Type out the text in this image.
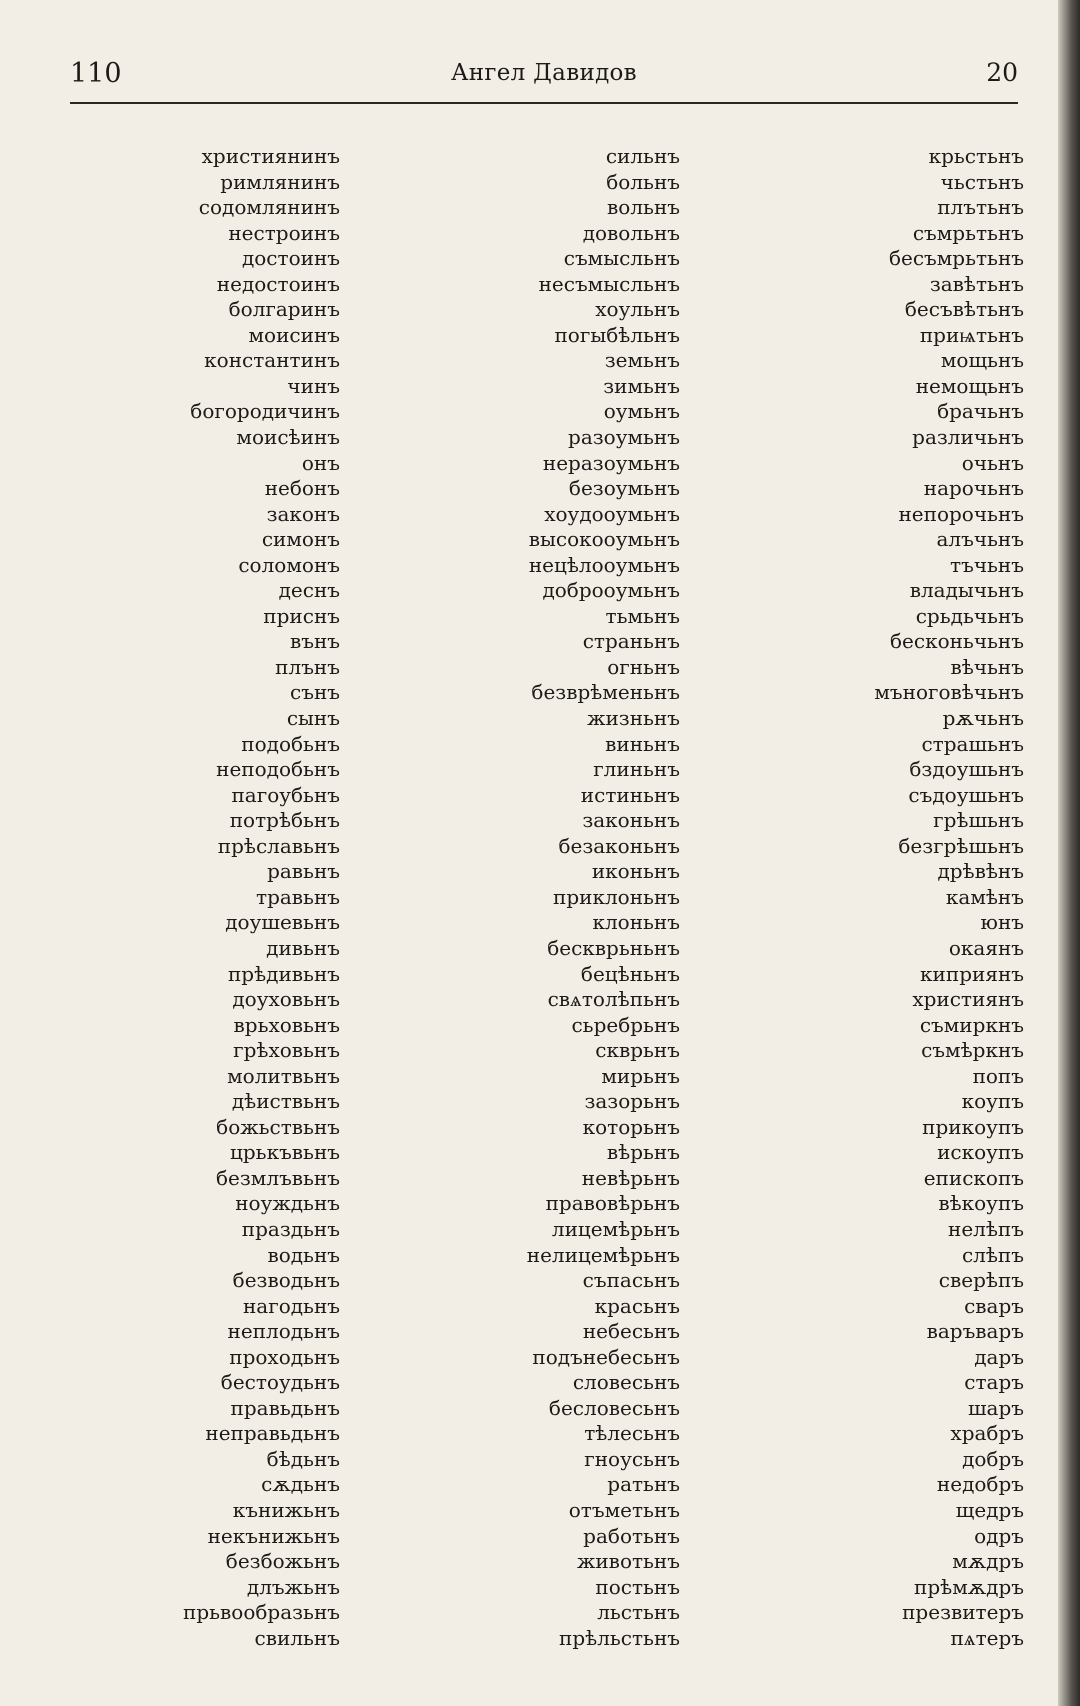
110	Ангел Давидов	20
християнинъ
римлянинъ
содомлянинъ
нестроинъ
достоинъ
недостоинъ
болгаринъ
моисинъ
константинъ
чинъ
богородичинъ
моисѣинъ
онъ
небонъ
законъ
симонъ
соломонъ
деснъ
приснъ
вънъ
плънъ
сънъ
сынъ
подобьнъ
неподобьнъ
пагоубьнъ
потрѣбьнъ
прѣславьнъ
равьнъ
травьнъ
доушевьнъ
дивьнъ
прѣдивьнъ
доуховьнъ
врьховьнъ
грѣховьнъ
молитвьнъ
дѣиствьнъ
божьствьнъ
црькъвьнъ
безмлъвьнъ
ноуждьнъ
праздьнъ
водьнъ
безводьнъ
нагодьнъ
неплодьнъ
проходьнъ
бестоудьнъ
правьдьнъ
неправьдьнъ
бѣдьнъ
сѫдьнъ
кънижьнъ
некънижьнъ
безбожьнъ
длъжьнъ
прьвообразьнъ
свильнъ
сильнъ
больнъ
вольнъ
довольнъ
съмысльнъ
несъмысльнъ
хоульнъ
погыбѣльнъ
земьнъ
зимьнъ
оумьнъ
разоумьнъ
неразоумьнъ
безоумьнъ
хоудооумьнъ
высокооумьнъ
нецѣлооумьнъ
доброоумьнъ
тьмьнъ
страньнъ
огньнъ
безврѣменьнъ
жизньнъ
виньнъ
глиньнъ
истиньнъ
законьнъ
безаконьнъ
иконьнъ
приклоньнъ
клоньнъ
бескврьньнъ
бецѣньнъ
свѧтолѣпьнъ
сьребрьнъ
скврьнъ
мирьнъ
зазорьнъ
которьнъ
вѣрьнъ
невѣрьнъ
правовѣрьнъ
лицемѣрьнъ
нелицемѣрьнъ
съпасьнъ
красьнъ
небесьнъ
подънебесьнъ
словесьнъ
бесловесьнъ
тѣлесьнъ
гноусьнъ
ратьнъ
отъметьнъ
работьнъ
животьнъ
постьнъ
льстьнъ
прѣльстьнъ
крьстьнъ
чьстьнъ
плътьнъ
съмрьтьнъ
бесъмрьтьнъ
завѣтьнъ
бесъвѣтьнъ
приѩтьнъ
мощьнъ
немощьнъ
брачьнъ
различьнъ
очьнъ
нарочьнъ
непорочьнъ
алъчьнъ
тъчьнъ
владычьнъ
срьдьчьнъ
бесконьчьнъ
вѣчьнъ
мъноговѣчьнъ
рѫчьнъ
страшьнъ
бздоушьнъ
съдоушьнъ
грѣшьнъ
безгрѣшьнъ
дрѣвѣнъ
камѣнъ
юнъ
окаянъ
киприянъ
християнъ
съмиркнъ
съмѣркнъ
попъ
коупъ
прикоупъ
искоупъ
епископъ
вѣкоупъ
нелѣпъ
слѣпъ
сверѣпъ
сваръ
варъваръ
даръ
старъ
шаръ
храбръ
добръ
недобръ
щедръ
одръ
мѫдръ
прѣмѫдръ
презвитеръ
пѧтеръ
